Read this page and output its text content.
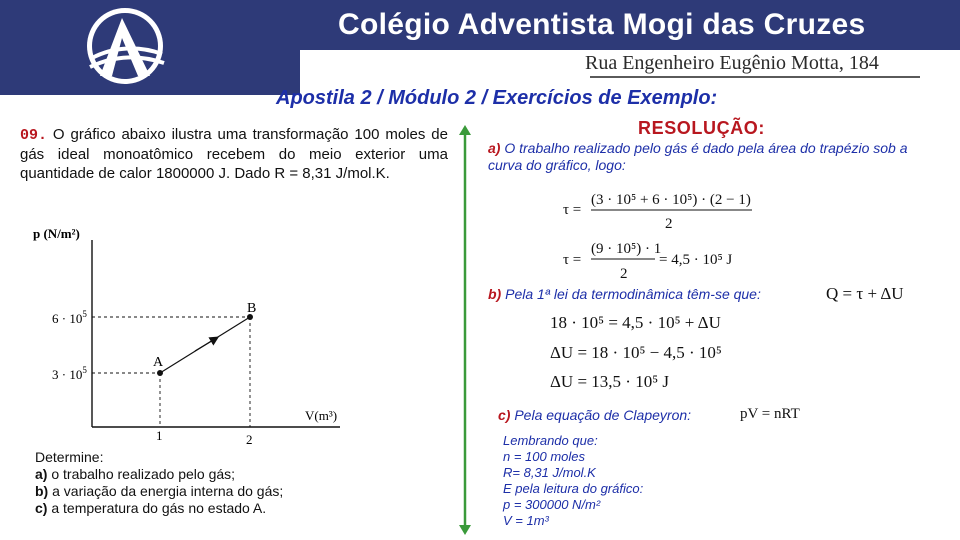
Colégio Adventista Mogi das Cruzes
Rua Engenheiro Eugênio Motta, 184
Apostila 2 / Módulo 2 / Exercícios de Exemplo:
09. O gráfico abaixo ilustra uma transformação 100 moles de gás ideal monoatômico recebem do meio exterior uma quantidade de calor 1800000 J. Dado R = 8,31 J/mol.K.
p (N/m²)
A
B
$6 \cdot 10^5$
$3 \cdot 10^5$
1	2
V(m³)
Determine:
a) o trabalho realizado pelo gás;
b) a variação da energia interna do gás;
c) a temperatura do gás no estado A.
RESOLUÇÃO:
a) O trabalho realizado pelo gás é dado pela área do trapézio sob a curva do gráfico, logo:
τ =
(3 · 10⁵ + 6 · 10⁵) · (2 − 1)
2
τ =
(9 · 10⁵) · 1
2
= 4,5 · 10⁵ J
b) Pela 1ª lei da termodinâmica têm-se que:	Q = τ + ΔU
18 · 10⁵ = 4,5 · 10⁵ + ΔU
ΔU = 18 · 10⁵ − 4,5 · 10⁵
ΔU = 13,5 · 10⁵ J
c) Pela equação de Clapeyron:	pV = nRT
Lembrando que:
n = 100 moles
R= 8,31 J/mol.K
E pela leitura do gráfico:
p = 300000 N/m²
V = 1m³
